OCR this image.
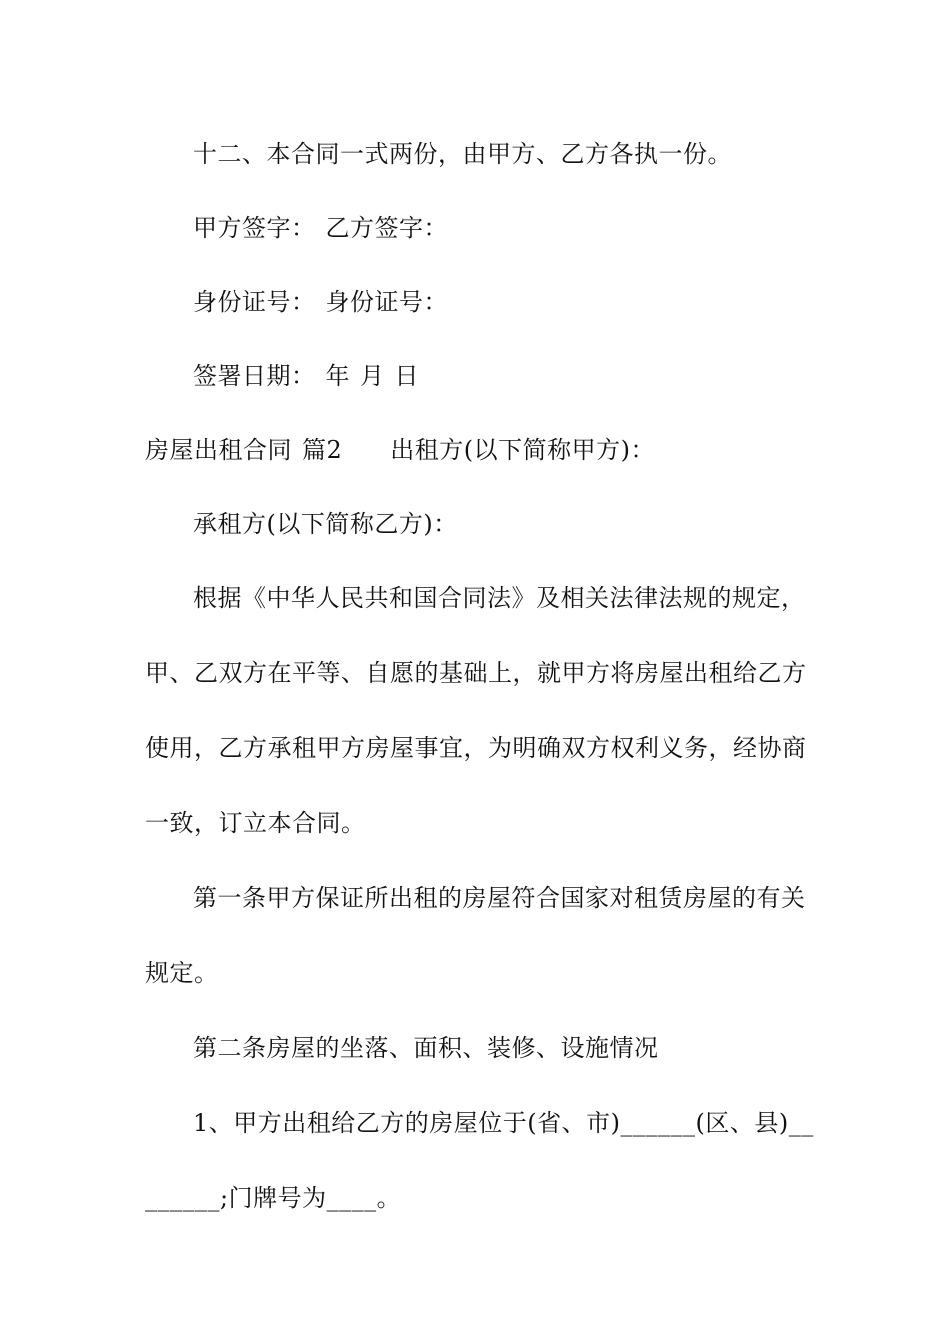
十二、本合同一式两份，由甲方、乙方各执一份。
甲方签字： 乙方签字：
身份证号： 身份证号：
签署日期： 年 月 日
房屋出租合同 篇2 出租方(以下简称甲方)：
承租方(以下简称乙方)：
根据《中华人民共和国合同法》及相关法律法规的规定，
甲、乙双方在平等、自愿的基础上，就甲方将房屋出租给乙方
使用，乙方承租甲方房屋事宜，为明确双方权利义务，经协商
一致，订立本合同。
第一条甲方保证所出租的房屋符合国家对租赁房屋的有关
规定。
第二条房屋的坐落、面积、装修、设施情况
1、甲方出租给乙方的房屋位于(省、市)______(区、县)__
______;门牌号为____。
